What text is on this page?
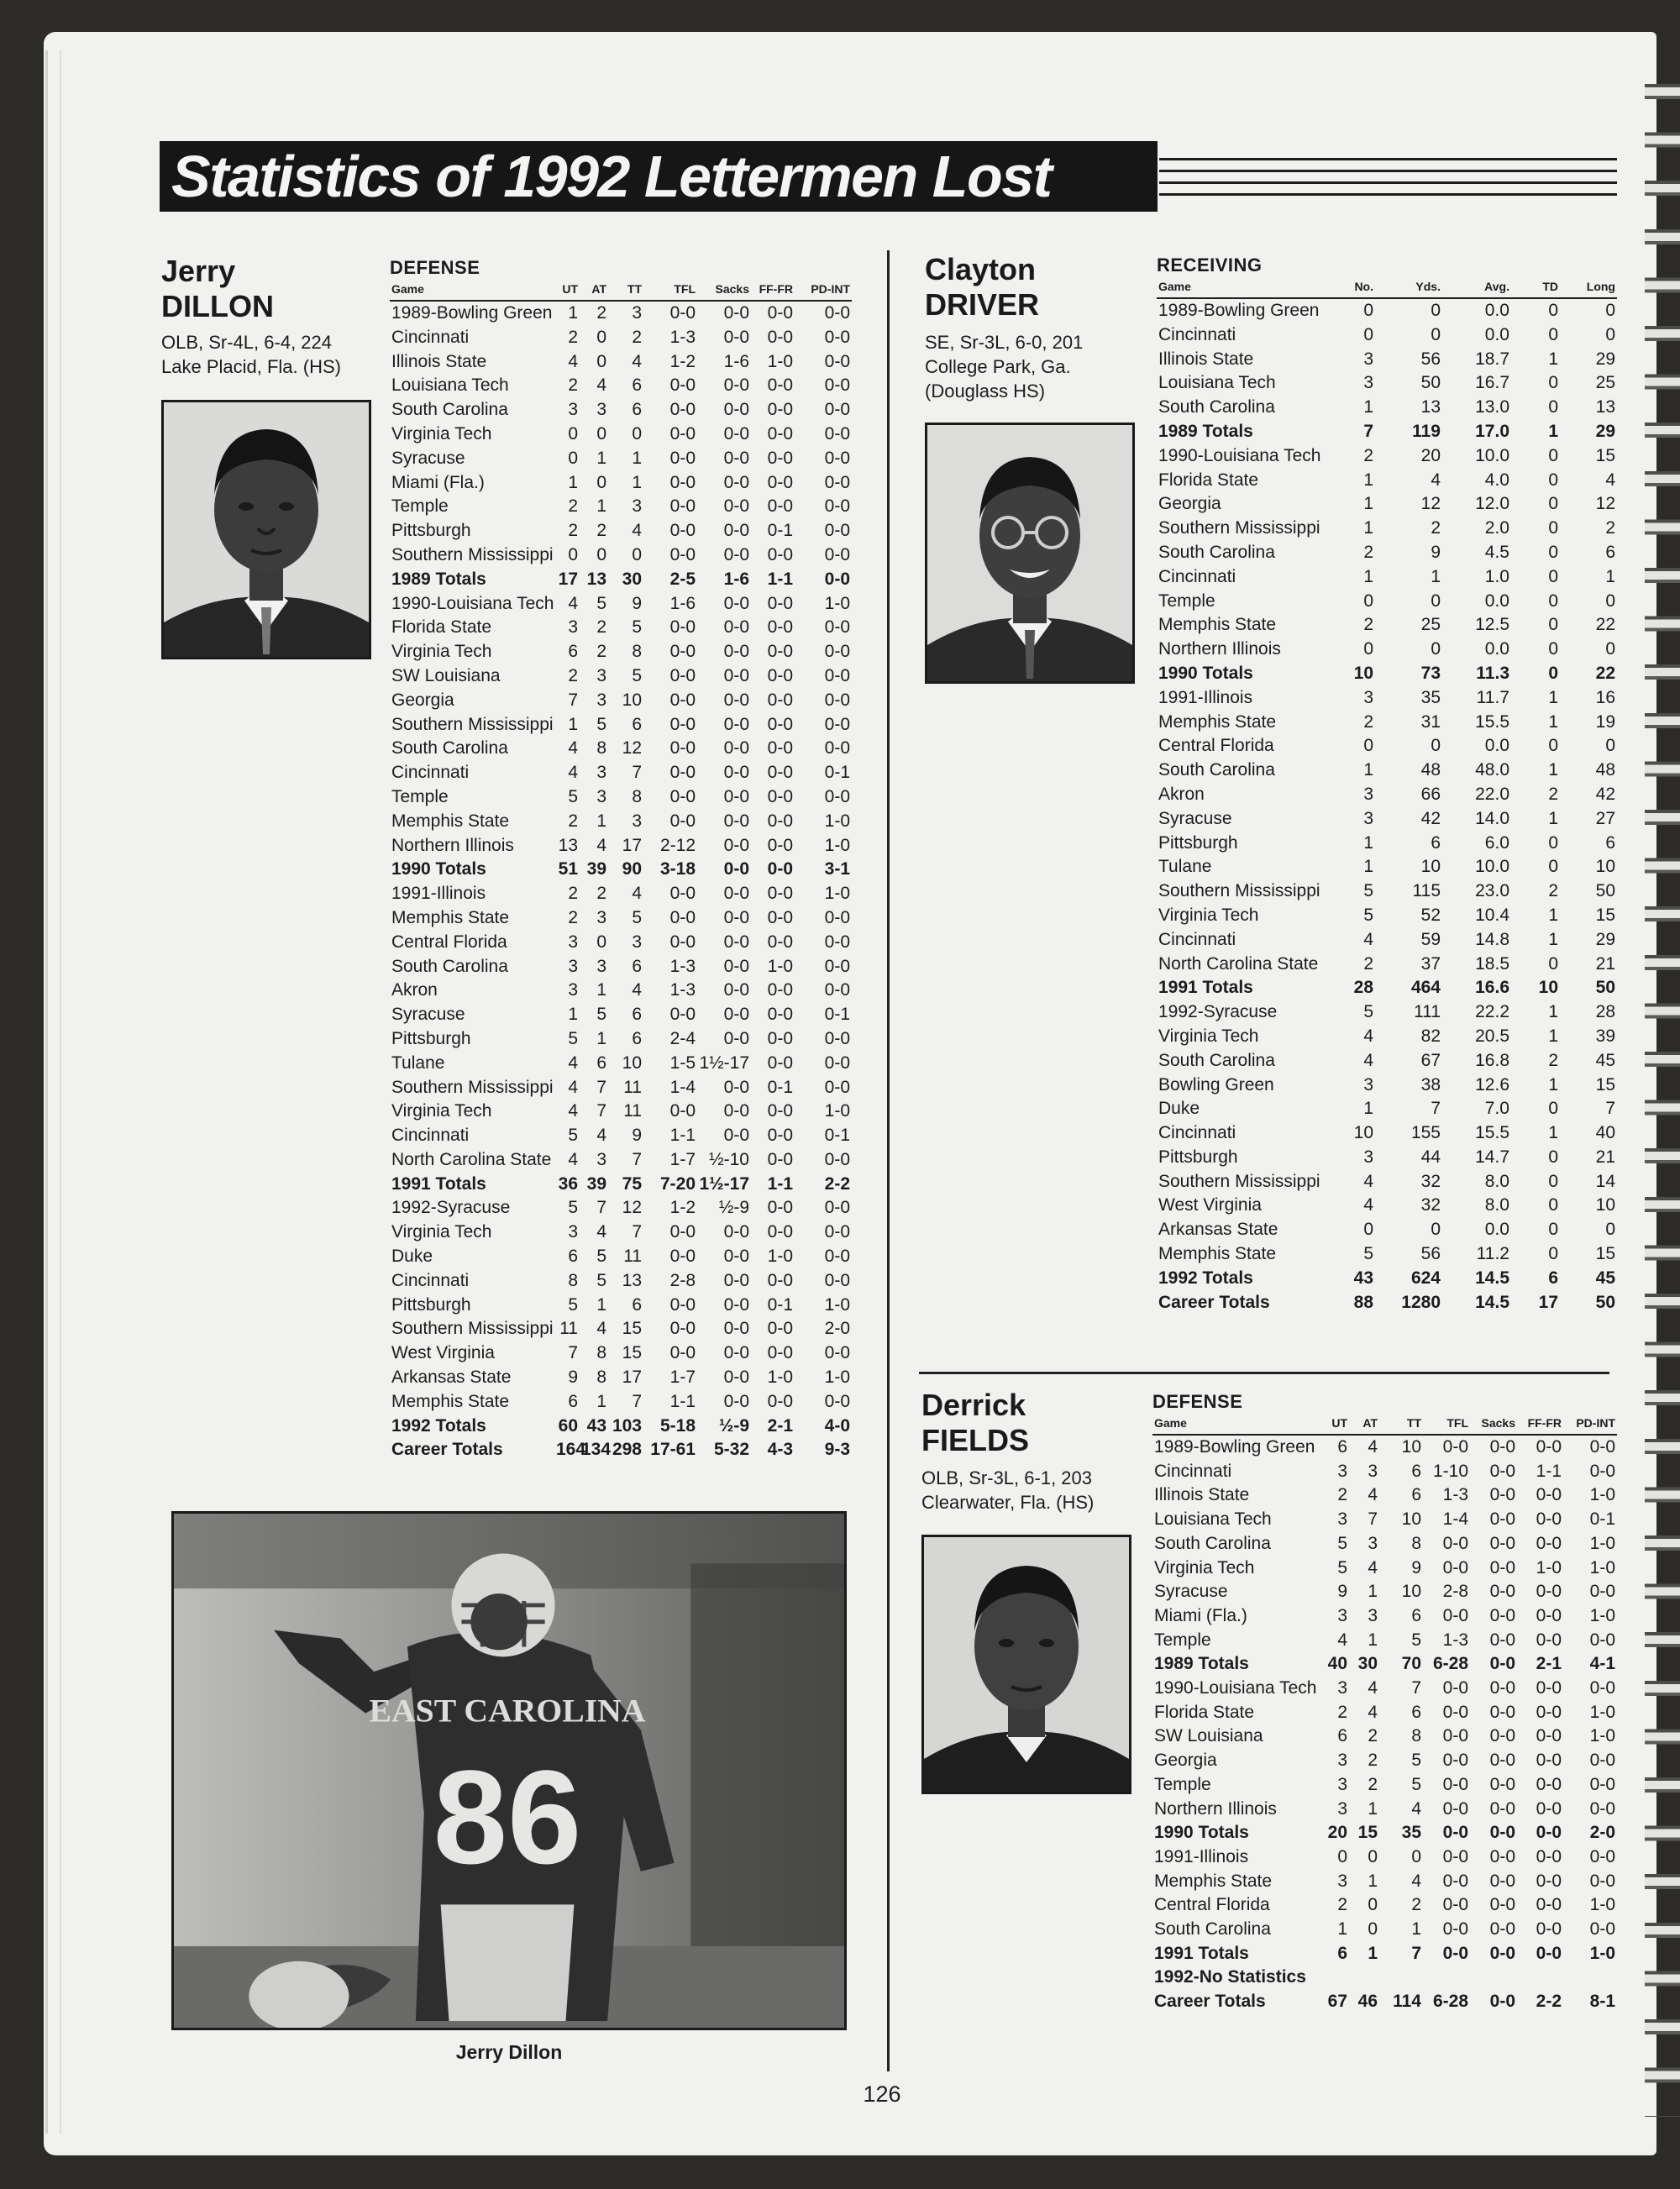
Statistics of 1992 Lettermen Lost
Jerry
DILLON
OLB, Sr-4L, 6-4, 224
Lake Placid, Fla. (HS)
DEFENSE
Game	UT	AT	TT	TFL	Sacks	FF-FR	PD-INT
1989-Bowling Green	1	2	3	0-0	0-0	0-0	0-0
Cincinnati	2	0	2	1-3	0-0	0-0	0-0
Illinois State	4	0	4	1-2	1-6	1-0	0-0
Louisiana Tech	2	4	6	0-0	0-0	0-0	0-0
South Carolina	3	3	6	0-0	0-0	0-0	0-0
Virginia Tech	0	0	0	0-0	0-0	0-0	0-0
Syracuse	0	1	1	0-0	0-0	0-0	0-0
Miami (Fla.)	1	0	1	0-0	0-0	0-0	0-0
Temple	2	1	3	0-0	0-0	0-0	0-0
Pittsburgh	2	2	4	0-0	0-0	0-1	0-0
Southern Mississippi	0	0	0	0-0	0-0	0-0	0-0
1989 Totals	17	13	30	2-5	1-6	1-1	0-0
1990-Louisiana Tech	4	5	9	1-6	0-0	0-0	1-0
Florida State	3	2	5	0-0	0-0	0-0	0-0
Virginia Tech	6	2	8	0-0	0-0	0-0	0-0
SW Louisiana	2	3	5	0-0	0-0	0-0	0-0
Georgia	7	3	10	0-0	0-0	0-0	0-0
Southern Mississippi	1	5	6	0-0	0-0	0-0	0-0
South Carolina	4	8	12	0-0	0-0	0-0	0-0
Cincinnati	4	3	7	0-0	0-0	0-0	0-1
Temple	5	3	8	0-0	0-0	0-0	0-0
Memphis State	2	1	3	0-0	0-0	0-0	1-0
Northern Illinois	13	4	17	2-12	0-0	0-0	1-0
1990 Totals	51	39	90	3-18	0-0	0-0	3-1
1991-Illinois	2	2	4	0-0	0-0	0-0	1-0
Memphis State	2	3	5	0-0	0-0	0-0	0-0
Central Florida	3	0	3	0-0	0-0	0-0	0-0
South Carolina	3	3	6	1-3	0-0	1-0	0-0
Akron	3	1	4	1-3	0-0	0-0	0-0
Syracuse	1	5	6	0-0	0-0	0-0	0-1
Pittsburgh	5	1	6	2-4	0-0	0-0	0-0
Tulane	4	6	10	1-5	1½-17	0-0	0-0
Southern Mississippi	4	7	11	1-4	0-0	0-1	0-0
Virginia Tech	4	7	11	0-0	0-0	0-0	1-0
Cincinnati	5	4	9	1-1	0-0	0-0	0-1
North Carolina State	4	3	7	1-7	½-10	0-0	0-0
1991 Totals	36	39	75	7-20	1½-17	1-1	2-2
1992-Syracuse	5	7	12	1-2	½-9	0-0	0-0
Virginia Tech	3	4	7	0-0	0-0	0-0	0-0
Duke	6	5	11	0-0	0-0	1-0	0-0
Cincinnati	8	5	13	2-8	0-0	0-0	0-0
Pittsburgh	5	1	6	0-0	0-0	0-1	1-0
Southern Mississippi	11	4	15	0-0	0-0	0-0	2-0
West Virginia	7	8	15	0-0	0-0	0-0	0-0
Arkansas State	9	8	17	1-7	0-0	1-0	1-0
Memphis State	6	1	7	1-1	0-0	0-0	0-0
1992 Totals	60	43	103	5-18	½-9	2-1	4-0
Career Totals	164	134	298	17-61	5-32	4-3	9-3
EAST CAROLINA
86
Jerry Dillon
Clayton
DRIVER
SE, Sr-3L, 6-0, 201
College Park, Ga.
(Douglass HS)
RECEIVING
Game	No.	Yds.	Avg.	TD	Long
1989-Bowling Green	0	0	0.0	0	0
Cincinnati	0	0	0.0	0	0
Illinois State	3	56	18.7	1	29
Louisiana Tech	3	50	16.7	0	25
South Carolina	1	13	13.0	0	13
1989 Totals	7	119	17.0	1	29
1990-Louisiana Tech	2	20	10.0	0	15
Florida State	1	4	4.0	0	4
Georgia	1	12	12.0	0	12
Southern Mississippi	1	2	2.0	0	2
South Carolina	2	9	4.5	0	6
Cincinnati	1	1	1.0	0	1
Temple	0	0	0.0	0	0
Memphis State	2	25	12.5	0	22
Northern Illinois	0	0	0.0	0	0
1990 Totals	10	73	11.3	0	22
1991-Illinois	3	35	11.7	1	16
Memphis State	2	31	15.5	1	19
Central Florida	0	0	0.0	0	0
South Carolina	1	48	48.0	1	48
Akron	3	66	22.0	2	42
Syracuse	3	42	14.0	1	27
Pittsburgh	1	6	6.0	0	6
Tulane	1	10	10.0	0	10
Southern Mississippi	5	115	23.0	2	50
Virginia Tech	5	52	10.4	1	15
Cincinnati	4	59	14.8	1	29
North Carolina State	2	37	18.5	0	21
1991 Totals	28	464	16.6	10	50
1992-Syracuse	5	111	22.2	1	28
Virginia Tech	4	82	20.5	1	39
South Carolina	4	67	16.8	2	45
Bowling Green	3	38	12.6	1	15
Duke	1	7	7.0	0	7
Cincinnati	10	155	15.5	1	40
Pittsburgh	3	44	14.7	0	21
Southern Mississippi	4	32	8.0	0	14
West Virginia	4	32	8.0	0	10
Arkansas State	0	0	0.0	0	0
Memphis State	5	56	11.2	0	15
1992 Totals	43	624	14.5	6	45
Career Totals	88	1280	14.5	17	50
Derrick
FIELDS
OLB, Sr-3L, 6-1, 203
Clearwater, Fla. (HS)
DEFENSE
Game	UT	AT	TT	TFL	Sacks	FF-FR	PD-INT
1989-Bowling Green	6	4	10	0-0	0-0	0-0	0-0
Cincinnati	3	3	6	1-10	0-0	1-1	0-0
Illinois State	2	4	6	1-3	0-0	0-0	1-0
Louisiana Tech	3	7	10	1-4	0-0	0-0	0-1
South Carolina	5	3	8	0-0	0-0	0-0	1-0
Virginia Tech	5	4	9	0-0	0-0	1-0	1-0
Syracuse	9	1	10	2-8	0-0	0-0	0-0
Miami (Fla.)	3	3	6	0-0	0-0	0-0	1-0
Temple	4	1	5	1-3	0-0	0-0	0-0
1989 Totals	40	30	70	6-28	0-0	2-1	4-1
1990-Louisiana Tech	3	4	7	0-0	0-0	0-0	0-0
Florida State	2	4	6	0-0	0-0	0-0	1-0
SW Louisiana	6	2	8	0-0	0-0	0-0	1-0
Georgia	3	2	5	0-0	0-0	0-0	0-0
Temple	3	2	5	0-0	0-0	0-0	0-0
Northern Illinois	3	1	4	0-0	0-0	0-0	0-0
1990 Totals	20	15	35	0-0	0-0	0-0	2-0
1991-Illinois	0	0	0	0-0	0-0	0-0	0-0
Memphis State	3	1	4	0-0	0-0	0-0	0-0
Central Florida	2	0	2	0-0	0-0	0-0	1-0
South Carolina	1	0	1	0-0	0-0	0-0	0-0
1991 Totals	6	1	7	0-0	0-0	0-0	1-0
1992-No Statistics							
Career Totals	67	46	114	6-28	0-0	2-2	8-1
126
